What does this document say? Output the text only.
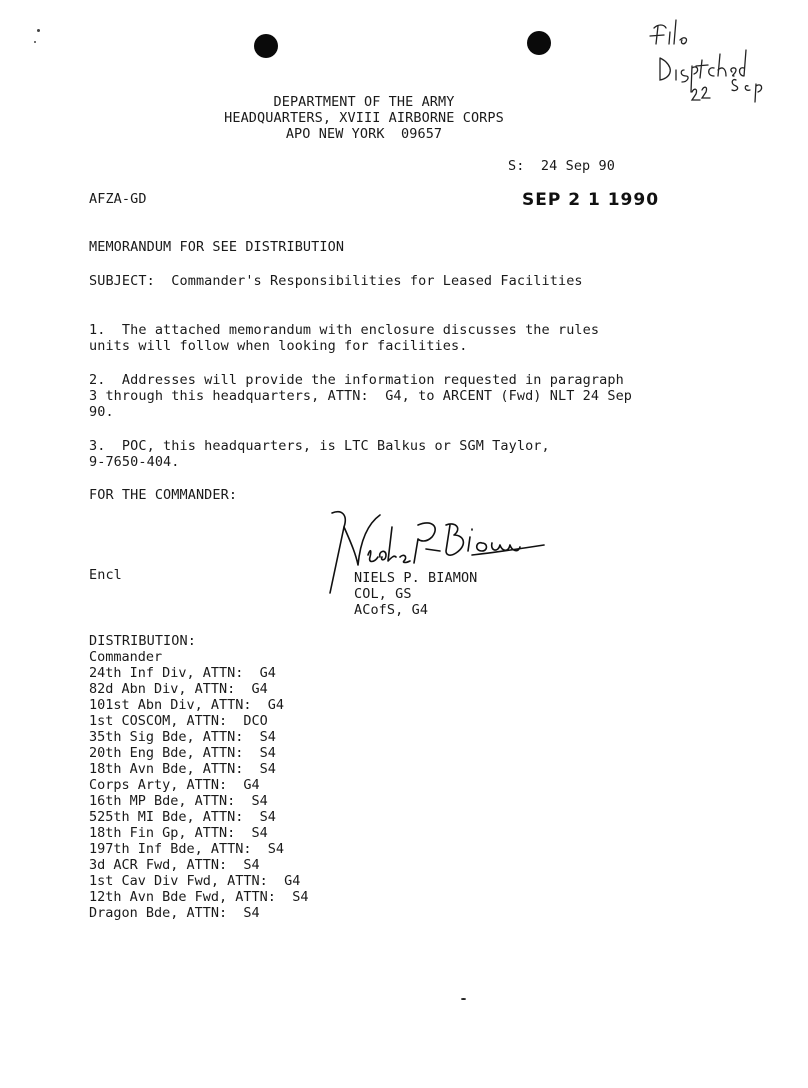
DEPARTMENT OF THE ARMY
HEADQUARTERS, XVIII AIRBORNE CORPS
APO NEW YORK  09657
S:  24 Sep 90
AFZA-GD	SEP 2 1 1990
MEMORANDUM FOR SEE DISTRIBUTION
SUBJECT:  Commander's Responsibilities for Leased Facilities
1.  The attached memorandum with enclosure discusses the rules
units will follow when looking for facilities.
2.  Addresses will provide the information requested in paragraph
3 through this headquarters, ATTN:  G4, to ARCENT (Fwd) NLT 24 Sep
90.
3.  POC, this headquarters, is LTC Balkus or SGM Taylor,
9-7650-404.
FOR THE COMMANDER:
Encl	NIELS P. BIAMON
COL, GS
ACofS, G4
DISTRIBUTION:
Commander
24th Inf Div, ATTN:  G4
82d Abn Div, ATTN:  G4
101st Abn Div, ATTN:  G4
1st COSCOM, ATTN:  DCO
35th Sig Bde, ATTN:  S4
20th Eng Bde, ATTN:  S4
18th Avn Bde, ATTN:  S4
Corps Arty, ATTN:  G4
16th MP Bde, ATTN:  S4
525th MI Bde, ATTN:  S4
18th Fin Gp, ATTN:  S4
197th Inf Bde, ATTN:  S4
3d ACR Fwd, ATTN:  S4
1st Cav Div Fwd, ATTN:  G4
12th Avn Bde Fwd, ATTN:  S4
Dragon Bde, ATTN:  S4
